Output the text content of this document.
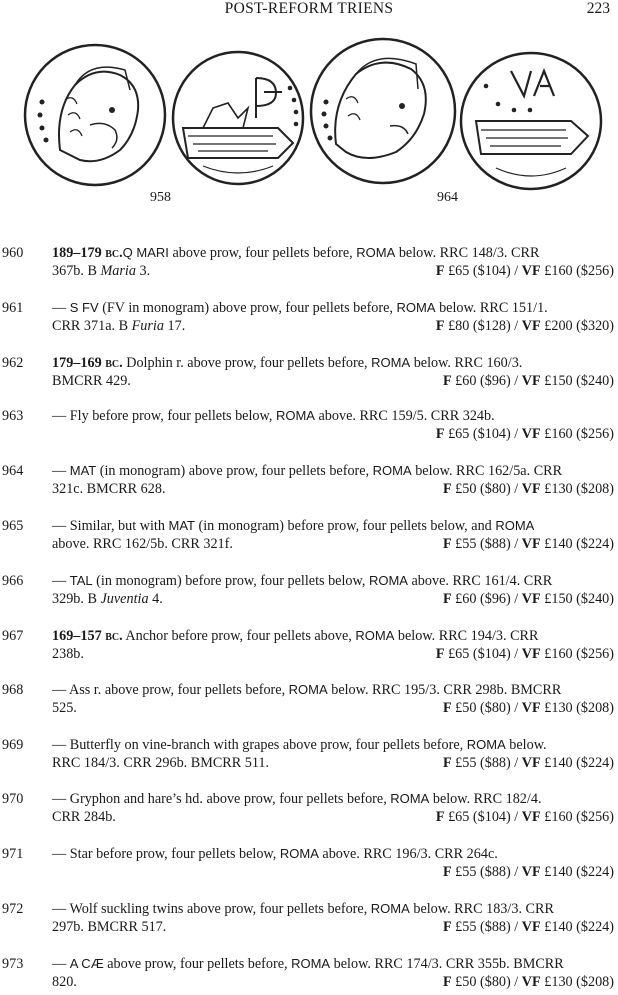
POST-REFORM TRIENS	223
958	964
960	189–179 bc.Q MARI above prow, four pellets before, ROMA below. RRC 148/3. CRR
367b. B Maria 3.	F £65 ($104) / VF £160 ($256)
961	— S FV (FV in monogram) above prow, four pellets before, ROMA below. RRC 151/1.
CRR 371a. B Furia 17.	F £80 ($128) / VF £200 ($320)
962	179–169 bc. Dolphin r. above prow, four pellets before, ROMA below. RRC 160/3.
BMCRR 429.	F £60 ($96) / VF £150 ($240)
963	— Fly before prow, four pellets below, ROMA above. RRC 159/5. CRR 324b.
F £65 ($104) / VF £160 ($256)
964	— MAT (in monogram) above prow, four pellets before, ROMA below. RRC 162/5a. CRR
321c. BMCRR 628.	F £50 ($80) / VF £130 ($208)
965	— Similar, but with MAT (in monogram) before prow, four pellets below, and ROMA
above. RRC 162/5b. CRR 321f.	F £55 ($88) / VF £140 ($224)
966	— TAL (in monogram) before prow, four pellets below, ROMA above. RRC 161/4. CRR
329b. B Juventia 4.	F £60 ($96) / VF £150 ($240)
967	169–157 bc. Anchor before prow, four pellets above, ROMA below. RRC 194/3. CRR
238b.	F £65 ($104) / VF £160 ($256)
968	— Ass r. above prow, four pellets before, ROMA below. RRC 195/3. CRR 298b. BMCRR
525.	F £50 ($80) / VF £130 ($208)
969	— Butterfly on vine-branch with grapes above prow, four pellets before, ROMA below.
RRC 184/3. CRR 296b. BMCRR 511.	F £55 ($88) / VF £140 ($224)
970	— Gryphon and hare’s hd. above prow, four pellets before, ROMA below. RRC 182/4.
CRR 284b.	F £65 ($104) / VF £160 ($256)
971	— Star before prow, four pellets below, ROMA above. RRC 196/3. CRR 264c.
F £55 ($88) / VF £140 ($224)
972	— Wolf suckling twins above prow, four pellets before, ROMA below. RRC 183/3. CRR
297b. BMCRR 517.	F £55 ($88) / VF £140 ($224)
973	— A CÆ above prow, four pellets before, ROMA below. RRC 174/3. CRR 355b. BMCRR
820.	F £50 ($80) / VF £130 ($208)
